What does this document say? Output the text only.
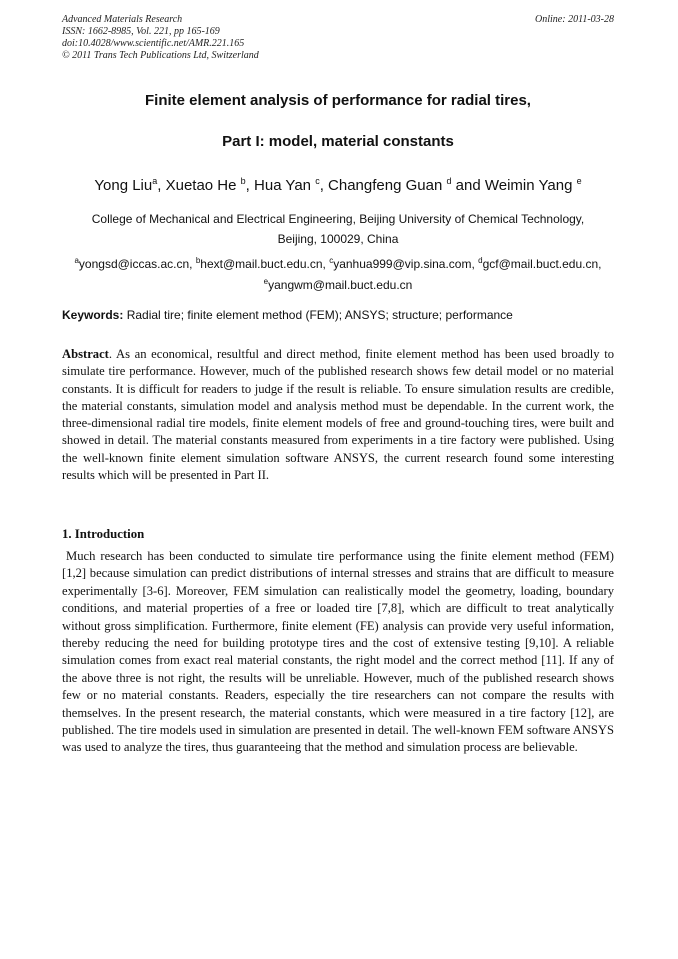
Advanced Materials Research
ISSN: 1662-8985, Vol. 221, pp 165-169
doi:10.4028/www.scientific.net/AMR.221.165
© 2011 Trans Tech Publications Ltd, Switzerland
Online: 2011-03-28
Finite element analysis of performance for radial tires,
Part I: model, material constants
Yong Liu$^a$, Xuetao He $^b$, Hua Yan $^c$, Changfeng Guan $^d$ and Weimin Yang $^e$
College of Mechanical and Electrical Engineering, Beijing University of Chemical Technology,
Beijing, 100029, China
$^a$yongsd@iccas.ac.cn, $^b$hext@mail.buct.edu.cn, $^c$yanhua999@vip.sina.com, $^d$gcf@mail.buct.edu.cn,
$^e$yangwm@mail.buct.edu.cn
Keywords: Radial tire; finite element method (FEM); ANSYS; structure; performance
Abstract. As an economical, resultful and direct method, finite element method has been used broadly to simulate tire performance. However, much of the published research shows few detail model or no material constants. It is difficult for readers to judge if the result is reliable. To ensure simulation results are credible, the material constants, simulation model and analysis method must be dependable. In the current work, the three-dimensional radial tire models, finite element models of free and ground-touching tires, were built and showed in detail. The material constants measured from experiments in a tire factory were published. Using the well-known finite element simulation software ANSYS, the current research found some interesting results which will be presented in Part II.
1. Introduction
Much research has been conducted to simulate tire performance using the finite element method (FEM) [1,2] because simulation can predict distributions of internal stresses and strains that are difficult to measure experimentally [3-6]. Moreover, FEM simulation can realistically model the geometry, loading, boundary conditions, and material properties of a free or loaded tire [7,8], which are difficult to treat analytically without gross simplification. Furthermore, finite element (FE) analysis can provide very useful information, thereby reducing the need for building prototype tires and the cost of extensive testing [9,10]. A reliable simulation comes from exact real material constants, the right model and the correct method [11]. If any of the above three is not right, the results will be unreliable. However, much of the published research shows few or no material constants. Readers, especially the tire researchers can not compare the results with themselves. In the present research, the material constants, which were measured in a tire factory [12], are published. The tire models used in simulation are presented in detail. The well-known FEM software ANSYS was used to analyze the tires, thus guaranteeing that the method and simulation process are believable.
